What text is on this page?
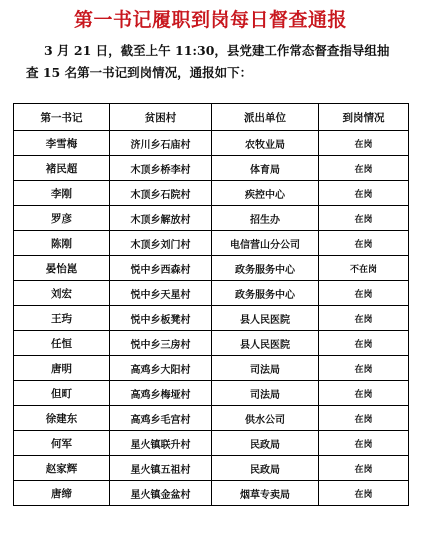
第一书记履职到岗每日督查通报
3 月 21 日，截至上午 11:30，县党建工作常态督查指导组抽
查 15 名第一书记到岗情况，通报如下：
第一书记	贫困村	派出单位	到岗情况
李雪梅	济川乡石庙村	农牧业局	在岗
褚民超	木顶乡桥李村	体育局	在岗
李刚	木顶乡石院村	疾控中心	在岗
罗彦	木顶乡解放村	招生办	在岗
陈刚	木顶乡刘门村	电信营山分公司	在岗
晏怡崑	悦中乡西森村	政务服务中心	不在岗
刘宏	悦中乡天星村	政务服务中心	在岗
王玙	悦中乡板凳村	县人民医院	在岗
任恒	悦中乡三房村	县人民医院	在岗
唐明	高鸡乡大阳村	司法局	在岗
但町	高鸡乡梅垭村	司法局	在岗
徐建东	高鸡乡毛宫村	供水公司	在岗
何军	星火镇联升村	民政局	在岗
赵家辉	星火镇五祖村	民政局	在岗
唐缔	星火镇金盆村	烟草专卖局	在岗
